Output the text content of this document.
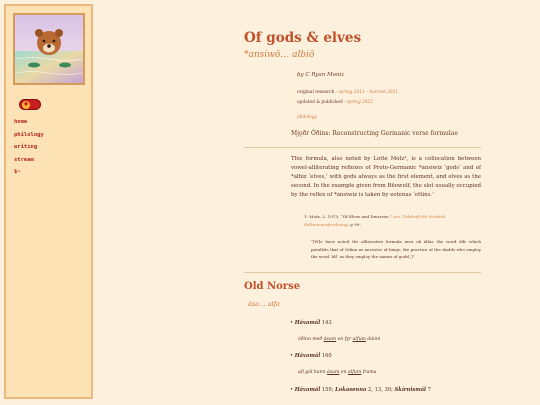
✹
home
philology
writing
stream
$~
Of gods & elves
*ansiwō… albiō
by C Ryan Moniz
original research · spring 2013 – harvest 2021
updated & published · spring 2022
philology
Mjǫðr Óðins: Reconstructing Germanic verse formulae
This formula, also noted by Lotte Motz¹, is a collocation between vowel-alliterating reflexes of Proto-Germanic *ansiwiz ‘gods’ and of *albiz ‘elves,’ with gods always as the first element, and elves as the second. In the example given from Bēowulf, the slot usually occupied by the reflex of *ansiwiz is taken by eotenas ‘ettins.’
1- Motz, L. 1973. “Of Elves and Dwarves.” Arv. Tidskrift för Nordisk Folkminnesforskning, p 99:
“[W]e have noted the alliterative formula æsir ok álfar, the word álfr which parallels that of Odinn as ancestor of kings, the practice of the skalds who employ the word ‘álf’ as they employ the names of gods[.]”
Old Norse
āsa… alfa
• Hávamál 143
óðinn með ásum en fyr alfum dáinn
• Hávamál 160
afl gól hann ásum en alfum frama
• Hávamál 159; Lokasenna 2, 13, 30; Skírnismál 7
